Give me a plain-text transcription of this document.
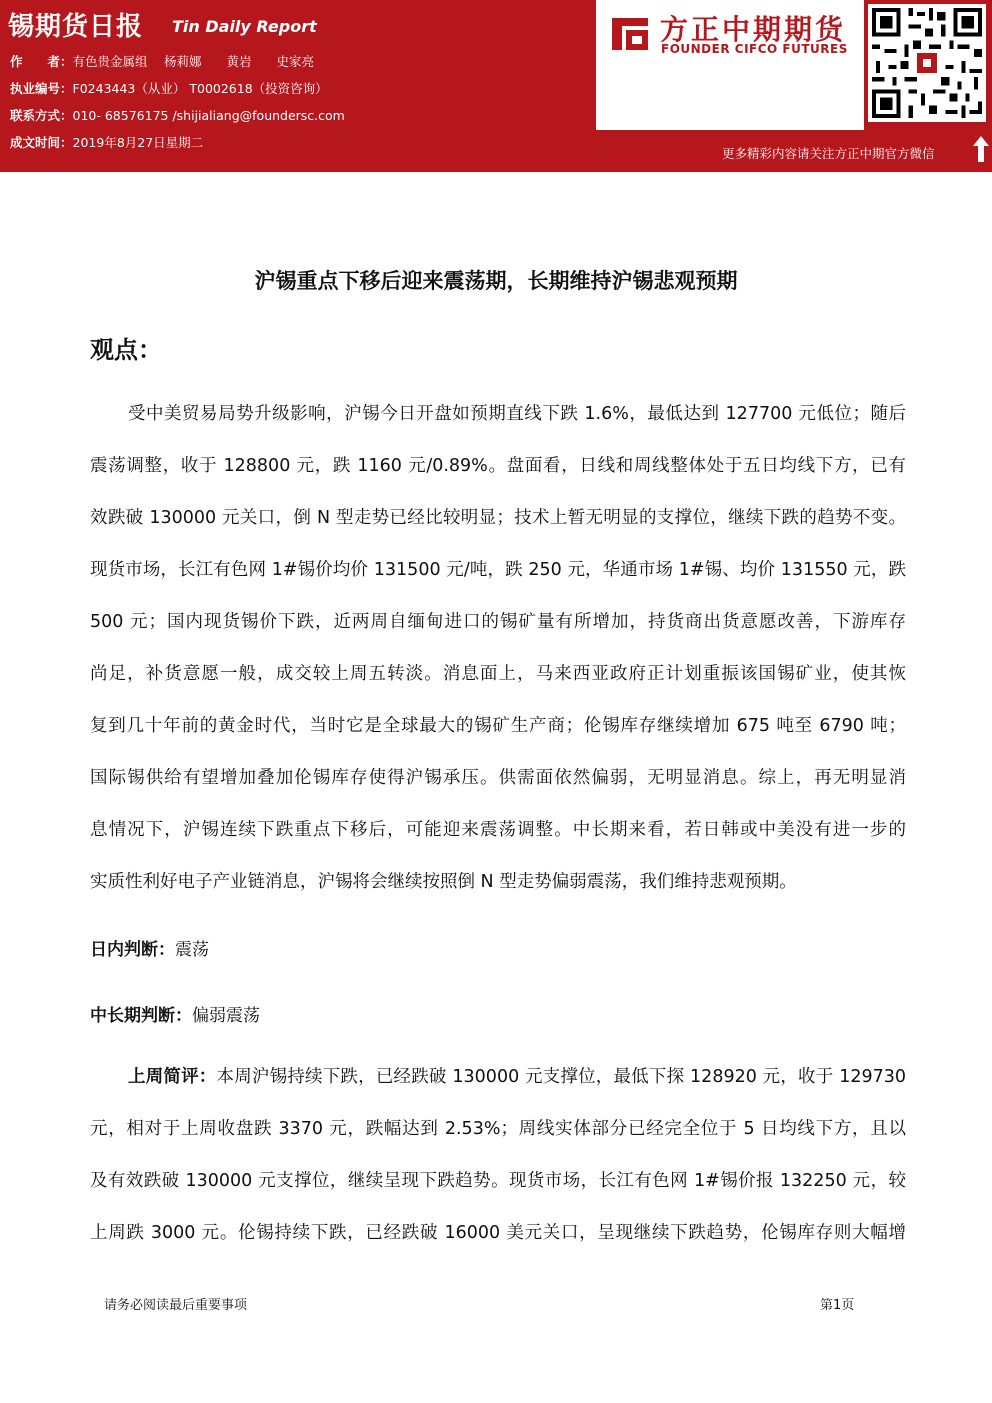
锡期货日报 Tin Daily Report
作　　者：有色贵金属组　 杨莉娜　　黄岩　　史家亮
执业编号：F0243443（从业） T0002618（投资咨询）
联系方式：010- 68576175 /shijialiang@foundersc.com
成文时间：2019年8月27日星期二
方正中期期货
FOUNDER CIFCO FUTURES
更多精彩内容请关注方正中期官方微信
沪锡重点下移后迎来震荡期，长期维持沪锡悲观预期
观点：
受中美贸易局势升级影响，沪锡今日开盘如预期直线下跌 1.6%，最低达到 127700 元低位；随后
震荡调整，收于 128800 元，跌 1160 元/0.89%。盘面看，日线和周线整体处于五日均线下方，已有
效跌破 130000 元关口，倒 N 型走势已经比较明显；技术上暂无明显的支撑位，继续下跌的趋势不变。
现货市场，长江有色网 1#锡价均价 131500 元/吨，跌 250 元，华通市场 1#锡、均价 131550 元，跌
500 元；国内现货锡价下跌，近两周自缅甸进口的锡矿量有所增加，持货商出货意愿改善，下游库存
尚足，补货意愿一般，成交较上周五转淡。消息面上，马来西亚政府正计划重振该国锡矿业，使其恢
复到几十年前的黄金时代，当时它是全球最大的锡矿生产商；伦锡库存继续增加 675 吨至 6790 吨；
国际锡供给有望增加叠加伦锡库存使得沪锡承压。供需面依然偏弱，无明显消息。综上，再无明显消
息情况下，沪锡连续下跌重点下移后，可能迎来震荡调整。中长期来看，若日韩或中美没有进一步的
实质性利好电子产业链消息，沪锡将会继续按照倒 N 型走势偏弱震荡，我们维持悲观预期。
日内判断：震荡
中长期判断：偏弱震荡
上周简评：本周沪锡持续下跌，已经跌破 130000 元支撑位，最低下探 128920 元，收于 129730
元，相对于上周收盘跌 3370 元，跌幅达到 2.53%；周线实体部分已经完全位于 5 日均线下方，且以
及有效跌破 130000 元支撑位，继续呈现下跌趋势。现货市场，长江有色网 1#锡价报 132250 元，较
上周跌 3000 元。伦锡持续下跌，已经跌破 16000 美元关口，呈现继续下跌趋势，伦锡库存则大幅增
请务必阅读最后重要事项	第1页
